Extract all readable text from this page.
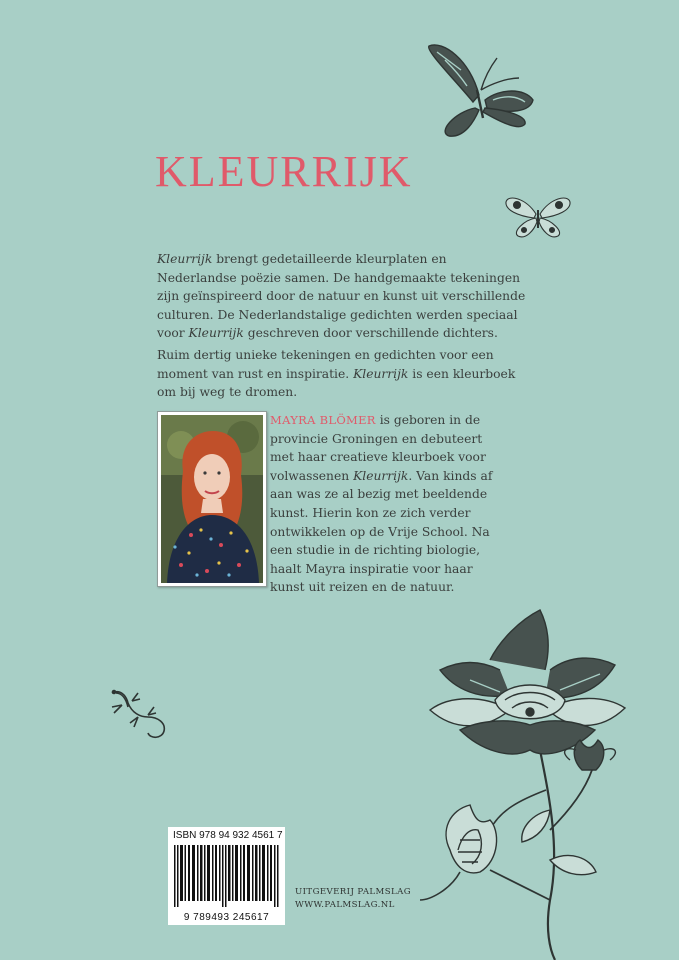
KLEURRIJK

Kleurrijk brengt gedetailleerde kleurplaten en Nederlandse poëzie samen. De handgemaakte tekeningen zijn geïnspireerd door de natuur en kunst uit verschillende culturen. De Nederlandstalige gedichten werden speciaal voor Kleurrijk geschreven door verschillende dichters.

Ruim dertig unieke tekeningen en gedichten voor een moment van rust en inspiratie. Kleurrijk is een kleurboek om bij weg te dromen.

MAYRA BLÖMER is geboren in de provincie Groningen en debuteert met haar creatieve kleurboek voor volwassenen Kleurrijk. Van kinds af aan was ze al bezig met beeldende kunst. Hierin kon ze zich verder ontwikkelen op de Vrije School. Na een studie in de richting biologie, haalt Mayra inspiratie voor haar kunst uit reizen en de natuur.

ISBN 978 94 932 4561 7
9 789493 245617

UITGEVERIJ PALMSLAG
WWW.PALMSLAG.NL
